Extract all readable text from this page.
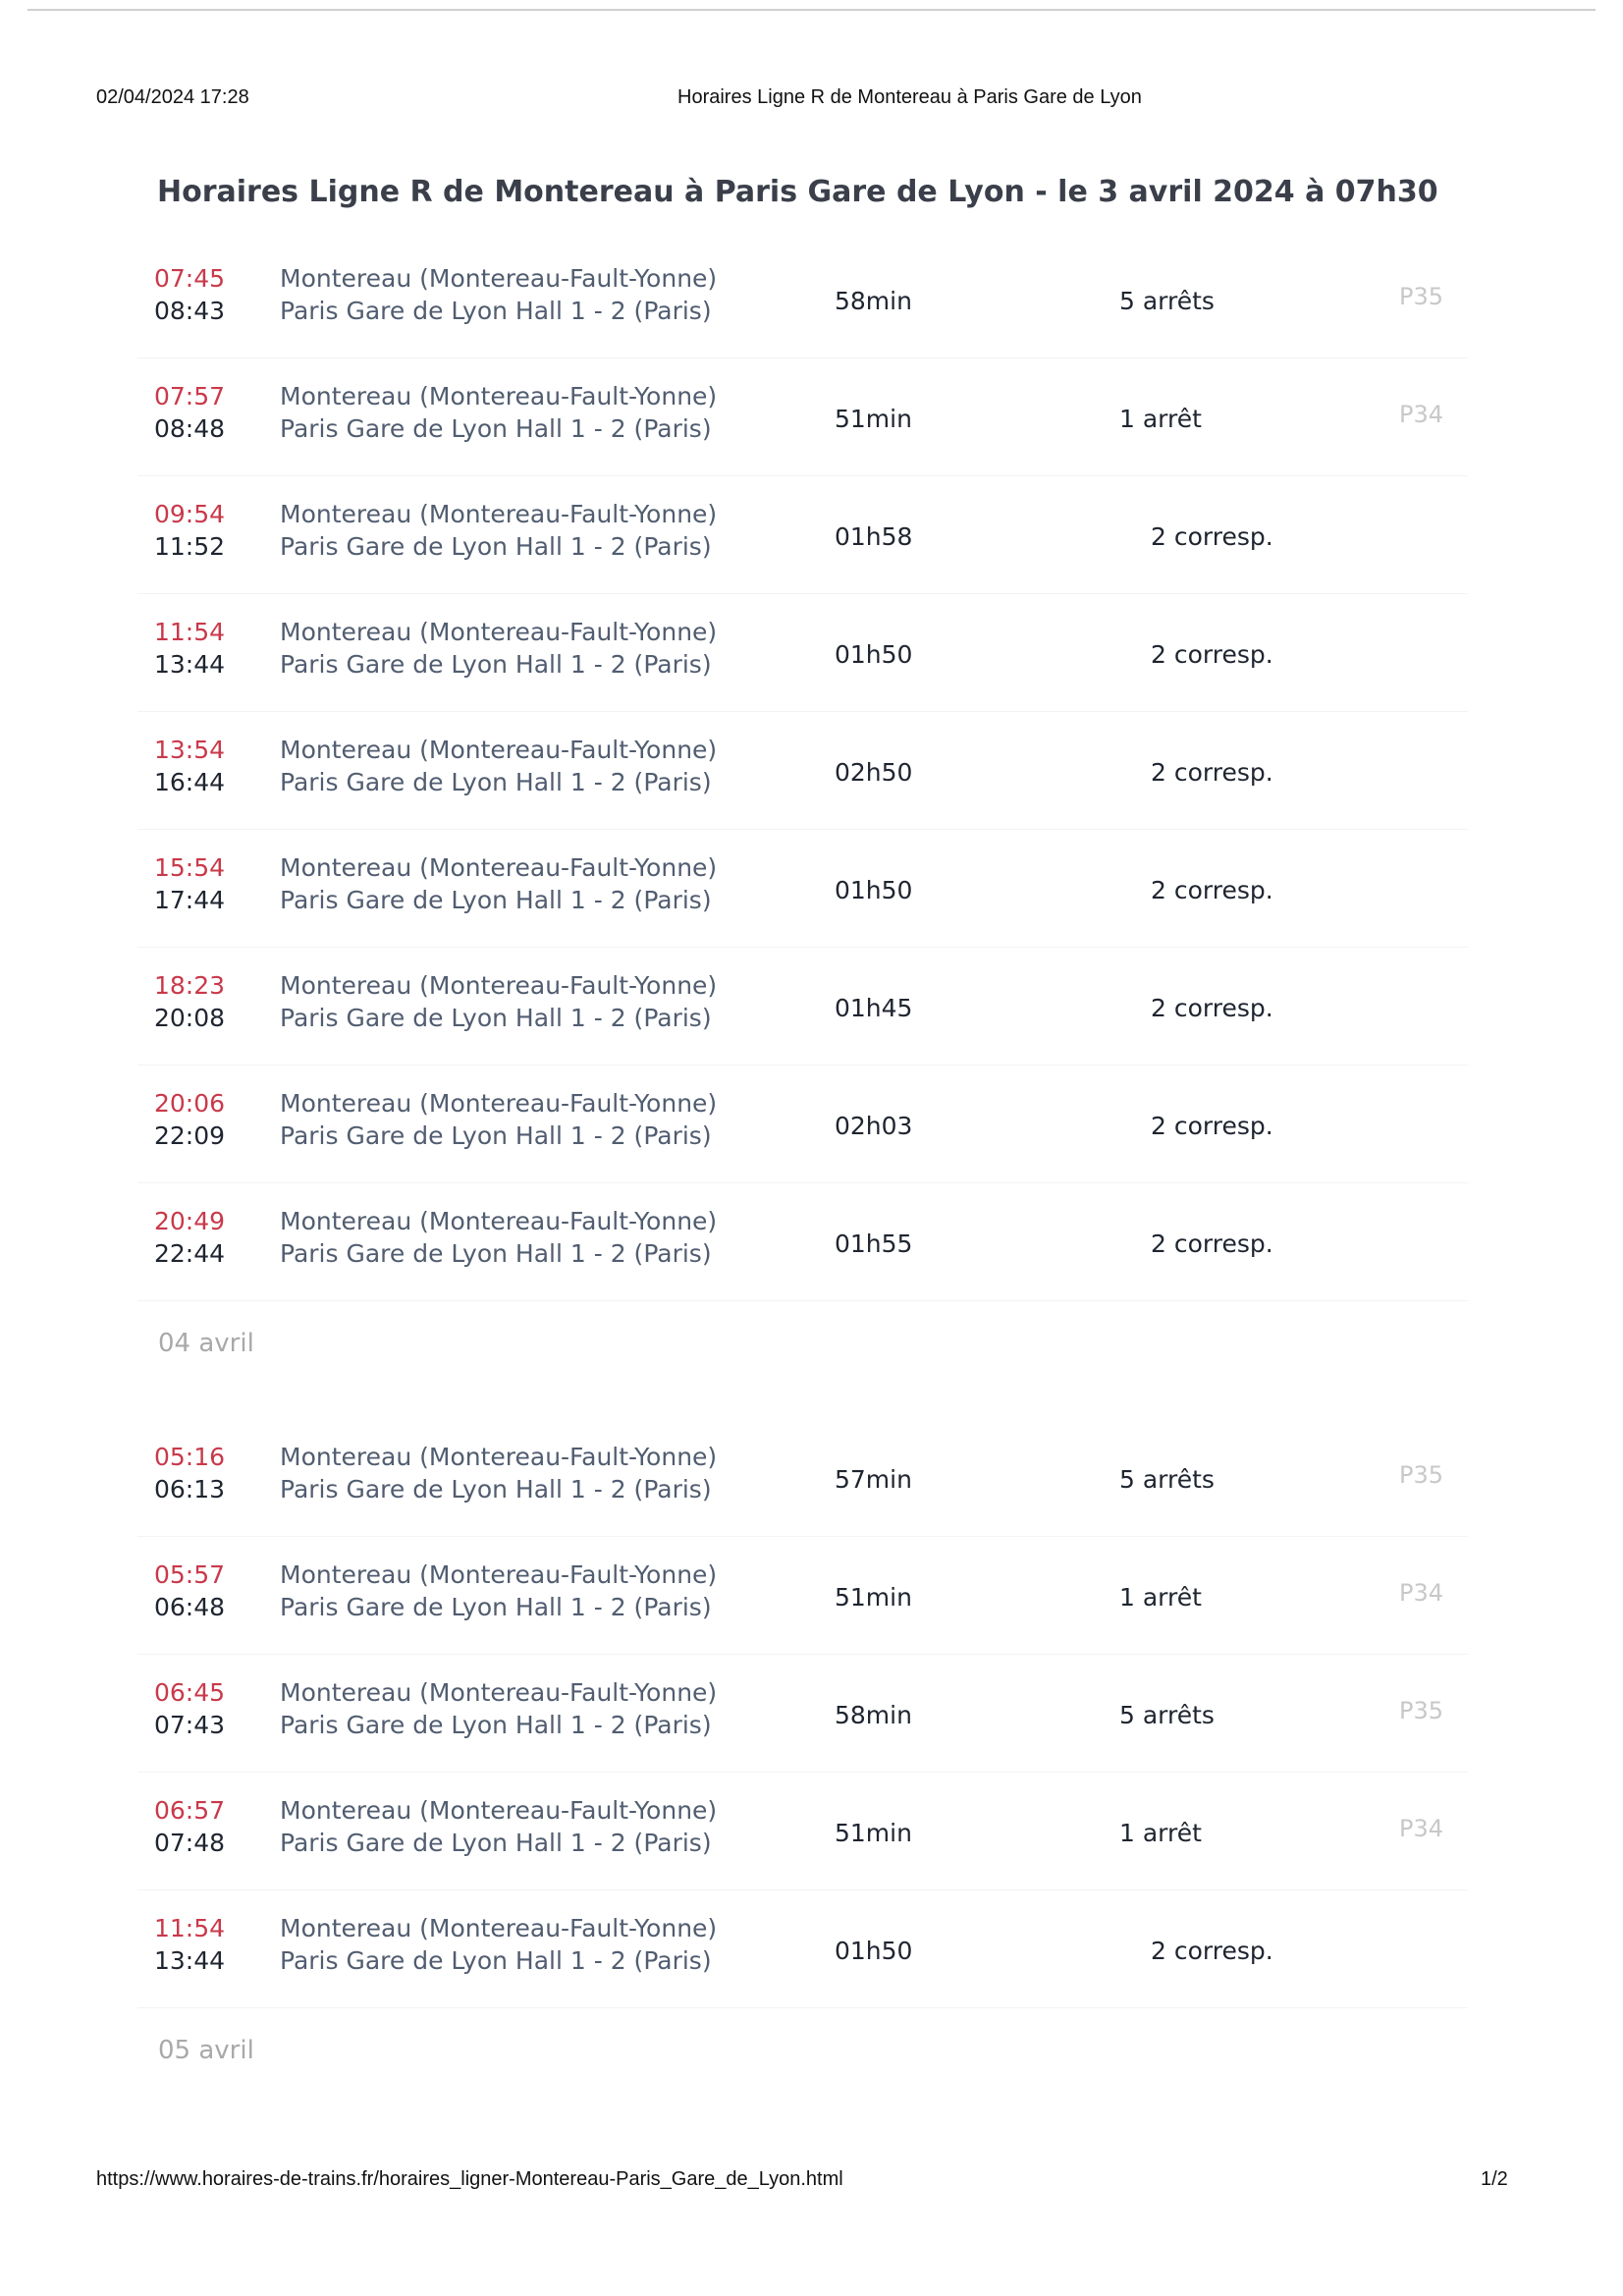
02/04/2024 17:28	Horaires Ligne R de Montereau à Paris Gare de Lyon
Horaires Ligne R de Montereau à Paris Gare de Lyon - le 3 avril 2024 à 07h30
07:45
08:43
Montereau (Montereau-Fault-Yonne)
Paris Gare de Lyon Hall 1 - 2 (Paris)	58min	5 arrêts	P35
07:57
08:48
Montereau (Montereau-Fault-Yonne)
Paris Gare de Lyon Hall 1 - 2 (Paris)	51min	1 arrêt	P34
09:54
11:52
Montereau (Montereau-Fault-Yonne)
Paris Gare de Lyon Hall 1 - 2 (Paris)	01h58	2 corresp.
11:54
13:44
Montereau (Montereau-Fault-Yonne)
Paris Gare de Lyon Hall 1 - 2 (Paris)	01h50	2 corresp.
13:54
16:44
Montereau (Montereau-Fault-Yonne)
Paris Gare de Lyon Hall 1 - 2 (Paris)	02h50	2 corresp.
15:54
17:44
Montereau (Montereau-Fault-Yonne)
Paris Gare de Lyon Hall 1 - 2 (Paris)	01h50	2 corresp.
18:23
20:08
Montereau (Montereau-Fault-Yonne)
Paris Gare de Lyon Hall 1 - 2 (Paris)	01h45	2 corresp.
20:06
22:09
Montereau (Montereau-Fault-Yonne)
Paris Gare de Lyon Hall 1 - 2 (Paris)	02h03	2 corresp.
20:49
22:44
Montereau (Montereau-Fault-Yonne)
Paris Gare de Lyon Hall 1 - 2 (Paris)	01h55	2 corresp.
04 avril
05:16
06:13
Montereau (Montereau-Fault-Yonne)
Paris Gare de Lyon Hall 1 - 2 (Paris)	57min	5 arrêts	P35
05:57
06:48
Montereau (Montereau-Fault-Yonne)
Paris Gare de Lyon Hall 1 - 2 (Paris)	51min	1 arrêt	P34
06:45
07:43
Montereau (Montereau-Fault-Yonne)
Paris Gare de Lyon Hall 1 - 2 (Paris)	58min	5 arrêts	P35
06:57
07:48
Montereau (Montereau-Fault-Yonne)
Paris Gare de Lyon Hall 1 - 2 (Paris)	51min	1 arrêt	P34
11:54
13:44
Montereau (Montereau-Fault-Yonne)
Paris Gare de Lyon Hall 1 - 2 (Paris)	01h50	2 corresp.
05 avril
https://www.horaires-de-trains.fr/horaires_ligner-Montereau-Paris_Gare_de_Lyon.html	1/2
